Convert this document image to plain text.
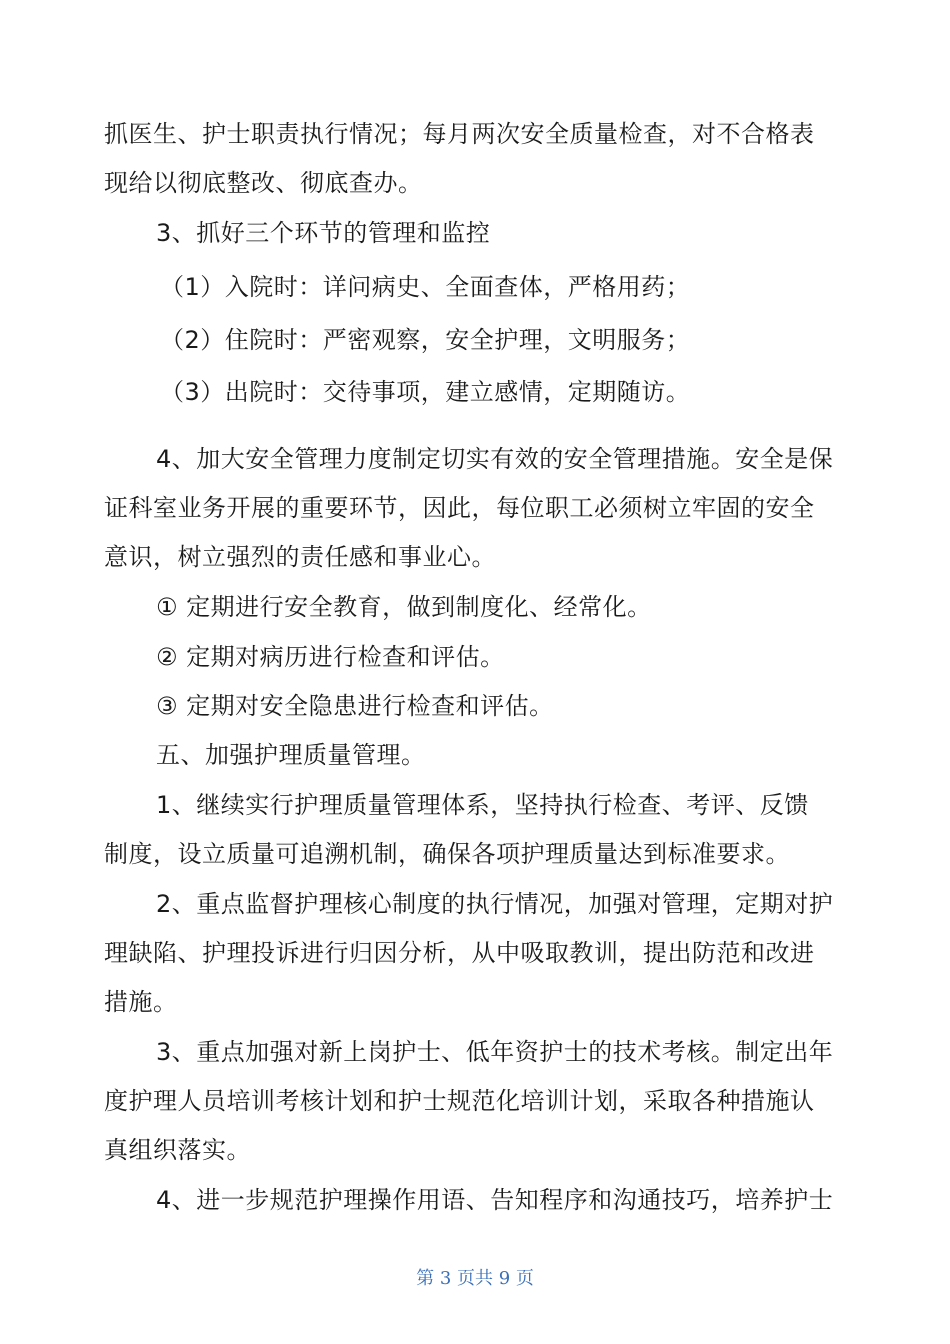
抓医生、护士职责执行情况；每月两次安全质量检查，对不合格表
现给以彻底整改、彻底查办。
3、抓好三个环节的管理和监控
（1）入院时：详问病史、全面查体，严格用药；
（2）住院时：严密观察，安全护理，文明服务；
（3）出院时：交待事项，建立感情，定期随访。
4、加大安全管理力度制定切实有效的安全管理措施。安全是保
证科室业务开展的重要环节，因此，每位职工必须树立牢固的安全
意识，树立强烈的责任感和事业心。
① 定期进行安全教育，做到制度化、经常化。
② 定期对病历进行检查和评估。
③ 定期对安全隐患进行检查和评估。
五、加强护理质量管理。
1、继续实行护理质量管理体系，坚持执行检查、考评、反馈
制度，设立质量可追溯机制，确保各项护理质量达到标准要求。
2、重点监督护理核心制度的执行情况，加强对管理，定期对护
理缺陷、护理投诉进行归因分析，从中吸取教训，提出防范和改进
措施。
3、重点加强对新上岗护士、低年资护士的技术考核。制定出年
度护理人员培训考核计划和护士规范化培训计划，采取各种措施认
真组织落实。
4、进一步规范护理操作用语、告知程序和沟通技巧，培养护士
第 3 页共 9 页
